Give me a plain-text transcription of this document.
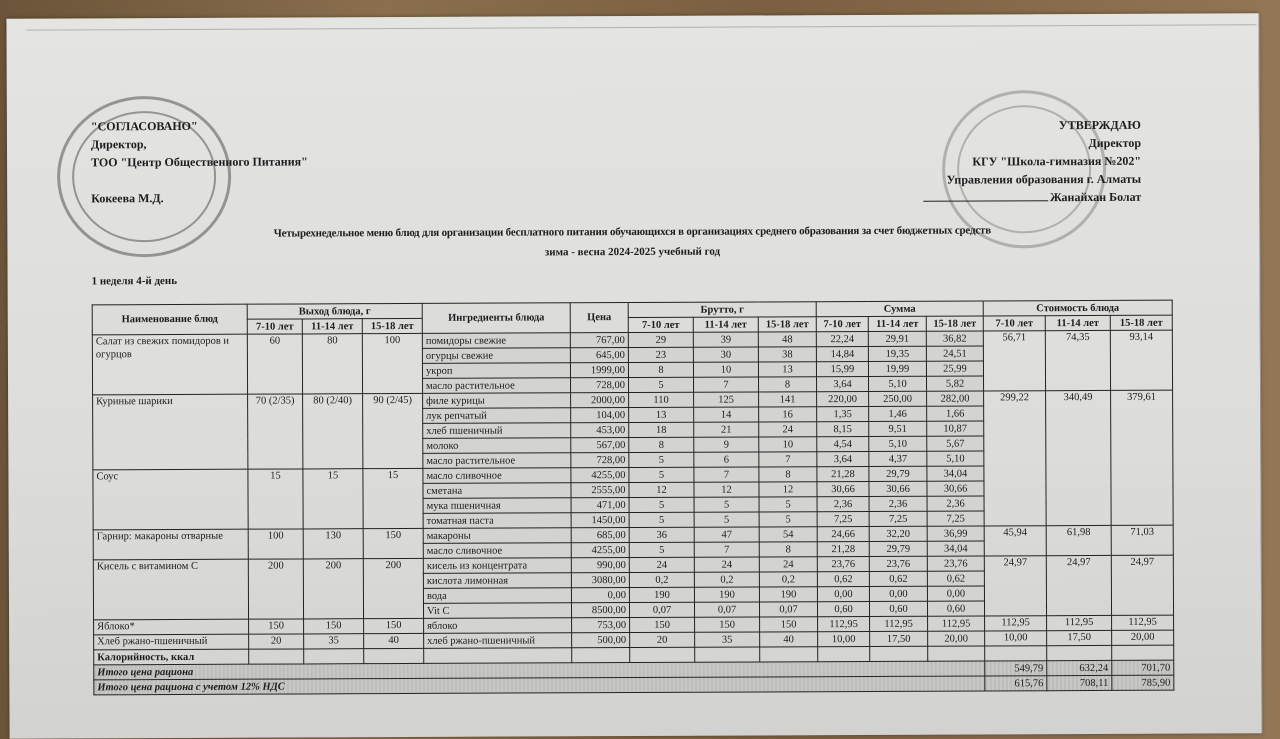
"СОГЛАСОВАНО"
Директор,
ТОО "Центр Общественного Питания"
Кокеева М.Д.
УТВЕРЖДАЮ
Директор
КГУ "Школа-гимназия №202"
Управления образования г. Алматы
Жанайхан Болат
Четырехнедельное меню блюд для организации бесплатного питания обучающихся в организациях среднего образования за счет бюджетных средств
зима - весна 2024-2025 учебный год
1 неделя 4-й день
Наименование блюд	Выход блюда, г			Ингредиенты блюда	Цена	Брутто, г			Сумма			Стоимость блюда		
	7-10 лет	11-14 лет	15-18 лет			7-10 лет	11-14 лет	15-18 лет	7-10 лет	11-14 лет	15-18 лет	7-10 лет	11-14 лет	15-18 лет
Салат из свежих помидоров и огурцов	60	80	100	помидоры свежие	767,00	29	39	48	22,24	29,91	36,82	56,71	74,35	93,14
				огурцы свежие	645,00	23	30	38	14,84	19,35	24,51			
				укроп	1999,00	8	10	13	15,99	19,99	25,99			
				масло растительное	728,00	5	7	8	3,64	5,10	5,82			
Куриные шарики	70 (2/35)	80 (2/40)	90 (2/45)	филе курицы	2000,00	110	125	141	220,00	250,00	282,00	299,22	340,49	379,61
				лук репчатый	104,00	13	14	16	1,35	1,46	1,66			
				хлеб пшеничный	453,00	18	21	24	8,15	9,51	10,87			
				молоко	567,00	8	9	10	4,54	5,10	5,67			
				масло растительное	728,00	5	6	7	3,64	4,37	5,10			
Соус	15	15	15	масло сливочное	4255,00	5	7	8	21,28	29,79	34,04			
				сметана	2555,00	12	12	12	30,66	30,66	30,66			
				мука пшеничная	471,00	5	5	5	2,36	2,36	2,36			
				томатная паста	1450,00	5	5	5	7,25	7,25	7,25			
Гарнир: макароны отварные	100	130	150	макароны	685,00	36	47	54	24,66	32,20	36,99	45,94	61,98	71,03
				масло сливочное	4255,00	5	7	8	21,28	29,79	34,04			
Кисель с витамином С	200	200	200	кисель из концентрата	990,00	24	24	24	23,76	23,76	23,76	24,97	24,97	24,97
				кислота лимонная	3080,00	0,2	0,2	0,2	0,62	0,62	0,62			
				вода	0,00	190	190	190	0,00	0,00	0,00			
				Vit C	8500,00	0,07	0,07	0,07	0,60	0,60	0,60			
Яблоко*	150	150	150	яблоко	753,00	150	150	150	112,95	112,95	112,95	112,95	112,95	112,95
Хлеб ржано-пшеничный	20	35	40	хлеб ржано-пшеничный	500,00	20	35	40	10,00	17,50	20,00	10,00	17,50	20,00
Калорийность, ккал														
Итого цена рациона												549,79	632,24	701,70
Итого цена рациона с учетом 12% НДС												615,76	708,11	785,90
